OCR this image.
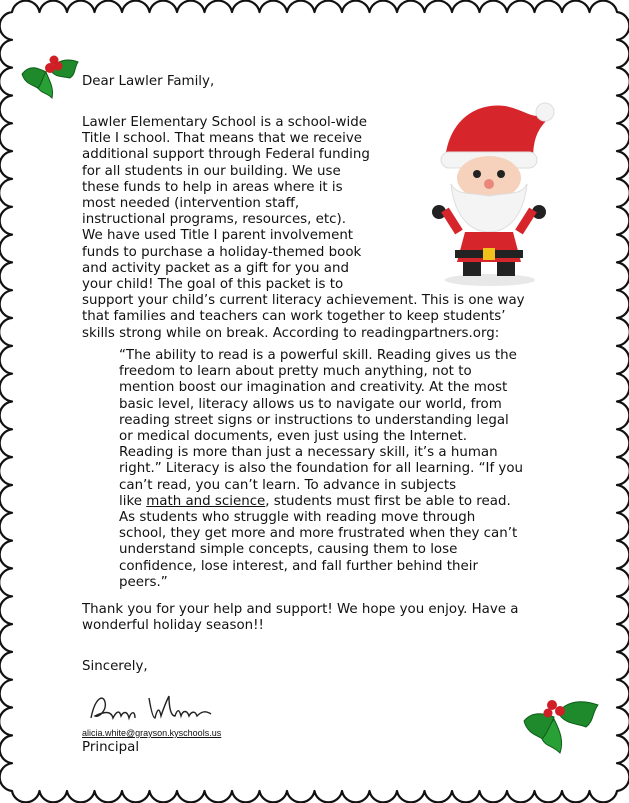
Dear Lawler Family,
Lawler Elementary School is a school-wide
Title I school. That means that we receive
additional support through Federal funding
for all students in our building. We use
these funds to help in areas where it is
most needed (intervention staff,
instructional programs, resources, etc).
We have used Title I parent involvement
funds to purchase a holiday-themed book
and activity packet as a gift for you and
your child! The goal of this packet is to
support your child’s current literacy achievement. This is one way
that families and teachers can work together to keep students’
skills strong while on break. According to readingpartners.org:
“The ability to read is a powerful skill. Reading gives us the
freedom to learn about pretty much anything, not to
mention boost our imagination and creativity. At the most
basic level, literacy allows us to navigate our world, from
reading street signs or instructions to understanding legal
or medical documents, even just using the Internet.
Reading is more than just a necessary skill, it’s a human
right.” Literacy is also the foundation for all learning. “If you
can’t read, you can’t learn. To advance in subjects
like math and science, students must first be able to read.
As students who struggle with reading move through
school, they get more and more frustrated when they can’t
understand simple concepts, causing them to lose
confidence, lose interest, and fall further behind their
peers.”
Thank you for your help and support! We hope you enjoy. Have a
wonderful holiday season!!
Sincerely,
Principal
alicia.white@grayson.kyschools.us
